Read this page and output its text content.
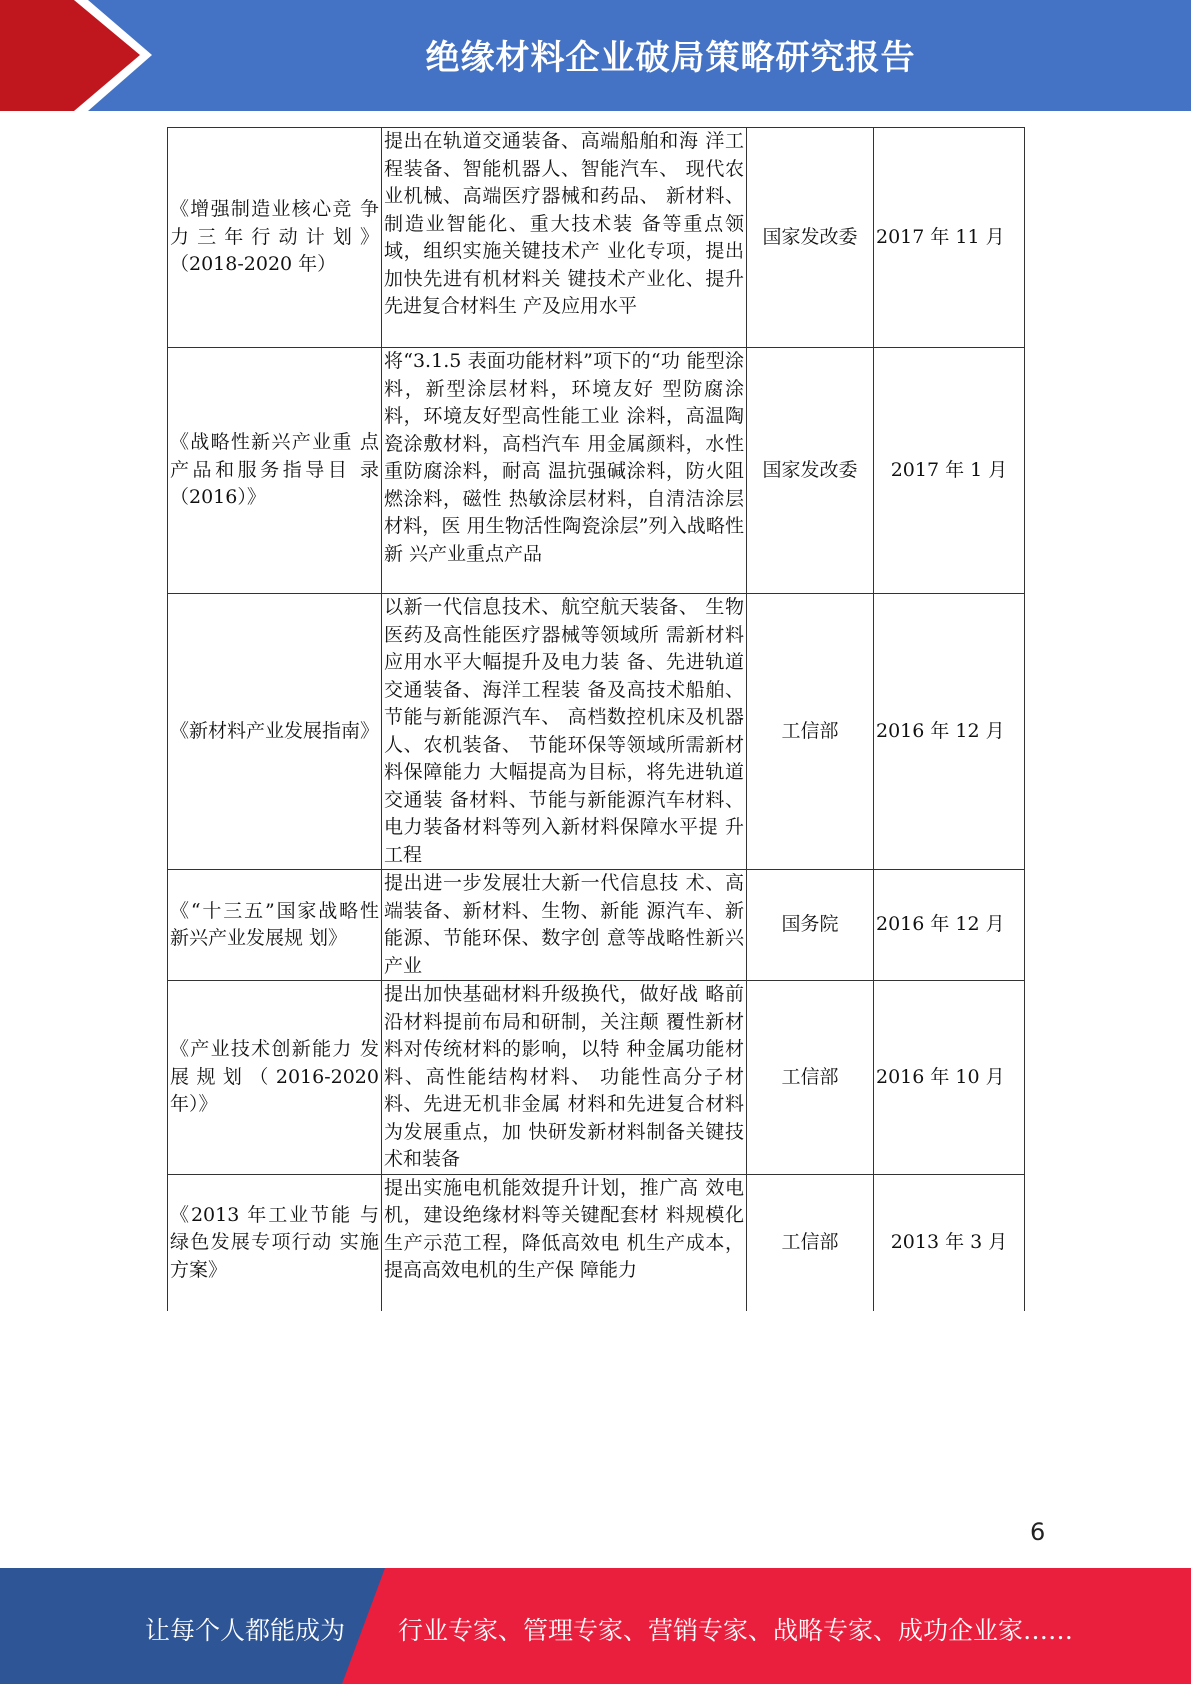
绝缘材料企业破局策略研究报告
《增强制造业核心竞 争力三年行动计划》（2018-2020 年）	提出在轨道交通装备、高端船舶和海 洋工程装备、智能机器人、智能汽车、 现代农业机械、高端医疗器械和药品、 新材料、制造业智能化、重大技术装 备等重点领域，组织实施关键技术产 业化专项，提出加快先进有机材料关 键技术产业化、提升先进复合材料生 产及应用水平	国家发改委	2017 年 11 月
《战略性新兴产业重 点产品和服务指导目 录（2016）》	将“3.1.5 表面功能材料”项下的“功 能型涂料，新型涂层材料，环境友好 型防腐涂料，环境友好型高性能工业 涂料，高温陶瓷涂敷材料，高档汽车 用金属颜料，水性重防腐涂料，耐高 温抗强碱涂料，防火阻燃涂料，磁性 热敏涂层材料，自清洁涂层材料，医 用生物活性陶瓷涂层”列入战略性新 兴产业重点产品	国家发改委	2017 年 1 月
《新材料产业发展指南》	以新一代信息技术、航空航天装备、 生物医药及高性能医疗器械等领域所 需新材料应用水平大幅提升及电力装 备、先进轨道交通装备、海洋工程装 备及高技术船舶、节能与新能源汽车、 高档数控机床及机器人、农机装备、 节能环保等领域所需新材料保障能力 大幅提高为目标，将先进轨道交通装 备材料、节能与新能源汽车材料、电力装备材料等列入新材料保障水平提 升工程	工信部	2016 年 12 月
《“十三五”国家战略性新兴产业发展规 划》	提出进一步发展壮大新一代信息技 术、高端装备、新材料、生物、新能 源汽车、新能源、节能环保、数字创 意等战略性新兴产业	国务院	2016 年 12 月
《产业技术创新能力 发展规划（2016-2020 年）》	提出加快基础材料升级换代，做好战 略前沿材料提前布局和研制，关注颠 覆性新材料对传统材料的影响，以特 种金属功能材料、高性能结构材料、 功能性高分子材料、先进无机非金属 材料和先进复合材料为发展重点，加 快研发新材料制备关键技术和装备	工信部	2016 年 10 月
《2013 年工业节能 与绿色发展专项行动 实施方案》	提出实施电机能效提升计划，推广高 效电机，建设绝缘材料等关键配套材 料规模化生产示范工程，降低高效电 机生产成本，提高高效电机的生产保 障能力	工信部	2013 年 3 月
6
让每个人都能成为 行业专家、管理专家、营销专家、战略专家、成功企业家……
